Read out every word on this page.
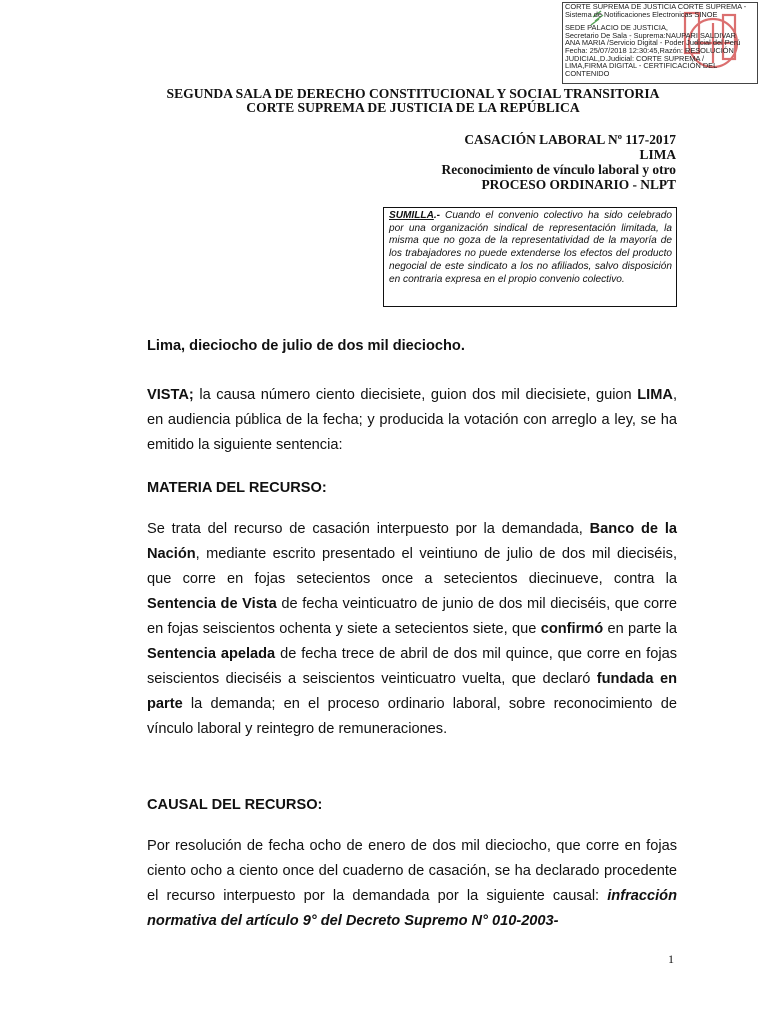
CORTE SUPREMA DE JUSTICIA CORTE SUPREMA -
Sistema de Notificaciones Electronicas SINOE
SEDE PALACIO DE JUSTICIA,
Secretario De Sala - Suprema:NAUPARI SALDIVAR
ANA MARIA /Servicio Digital - Poder Judicial del Perú
Fecha: 25/07/2018 12:30:45,Razón: RESOLUCIÓN
JUDICIAL,D.Judicial: CORTE SUPREMA /
LIMA,FIRMA DIGITAL - CERTIFICACIÓN DEL
CONTENIDO
SEGUNDA SALA DE DERECHO CONSTITUCIONAL Y SOCIAL TRANSITORIA
CORTE SUPREMA DE JUSTICIA DE LA REPÚBLICA
CASACIÓN LABORAL Nº 117-2017
LIMA
Reconocimiento de vínculo laboral y otro
PROCESO ORDINARIO - NLPT
SUMILLA.- Cuando el convenio colectivo ha sido celebrado por una organización sindical de representación limitada, la misma que no goza de la representatividad de la mayoría de los trabajadores no puede extenderse los efectos del producto negocial de este sindicato a los no afiliados, salvo disposición en contraria expresa en el propio convenio colectivo.
Lima, dieciocho de julio de dos mil dieciocho.
VISTA; la causa número ciento diecisiete, guion dos mil diecisiete, guion LIMA, en audiencia pública de la fecha; y producida la votación con arreglo a ley, se ha emitido la siguiente sentencia:
MATERIA DEL RECURSO:
Se trata del recurso de casación interpuesto por la demandada, Banco de la Nación, mediante escrito presentado el veintiuno de julio de dos mil dieciséis, que corre en fojas setecientos once a setecientos diecinueve, contra la Sentencia de Vista de fecha veinticuatro de junio de dos mil dieciséis, que corre en fojas seiscientos ochenta y siete a setecientos siete, que confirmó en parte la Sentencia apelada de fecha trece de abril de dos mil quince, que corre en fojas seiscientos dieciséis a seiscientos veinticuatro vuelta, que declaró fundada en parte la demanda; en el proceso ordinario laboral, sobre reconocimiento de vínculo laboral y reintegro de remuneraciones.
CAUSAL DEL RECURSO:
Por resolución de fecha ocho de enero de dos mil dieciocho, que corre en fojas ciento ocho a ciento once del cuaderno de casación, se ha declarado procedente el recurso interpuesto por la demandada por la siguiente causal: infracción normativa del artículo 9° del Decreto Supremo N° 010-2003-
1
